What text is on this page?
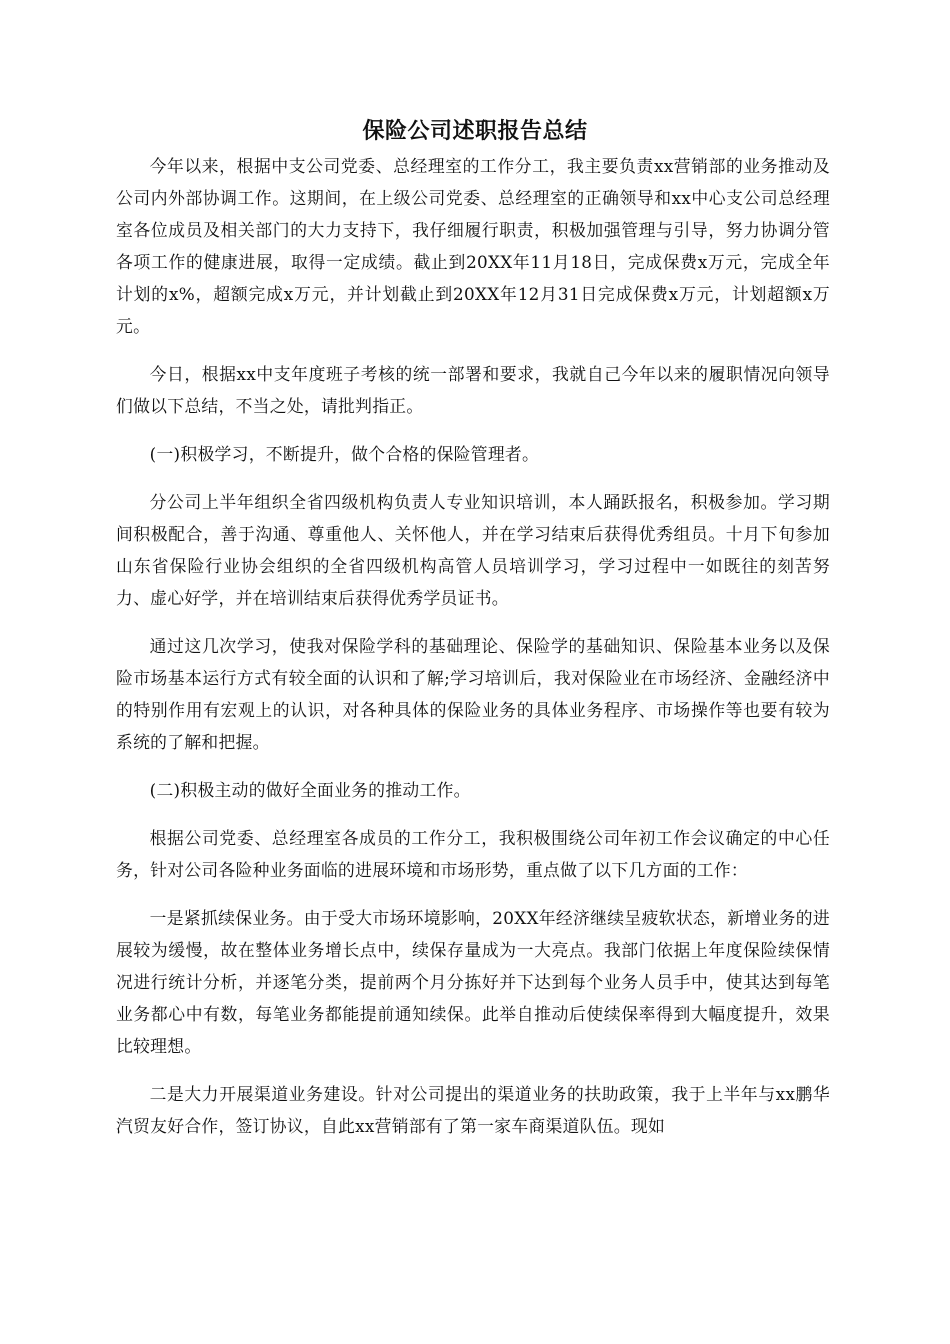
保险公司述职报告总结

今年以来，根据中支公司党委、总经理室的工作分工，我主要负责xx营销部的业务推动及公司内外部协调工作。这期间，在上级公司党委、总经理室的正确领导和xx中心支公司总经理室各位成员及相关部门的大力支持下，我仔细履行职责，积极加强管理与引导，努力协调分管各项工作的健康进展，取得一定成绩。截止到20XX年11月18日，完成保费x万元，完成全年计划的x%，超额完成x万元，并计划截止到20XX年12月31日完成保费x万元，计划超额x万元。

今日，根据xx中支年度班子考核的统一部署和要求，我就自己今年以来的履职情况向领导们做以下总结，不当之处，请批判指正。

(一)积极学习，不断提升，做个合格的保险管理者。

分公司上半年组织全省四级机构负责人专业知识培训，本人踊跃报名，积极参加。学习期间积极配合，善于沟通、尊重他人、关怀他人，并在学习结束后获得优秀组员。十月下旬参加山东省保险行业协会组织的全省四级机构高管人员培训学习，学习过程中一如既往的刻苦努力、虚心好学，并在培训结束后获得优秀学员证书。

通过这几次学习，使我对保险学科的基础理论、保险学的基础知识、保险基本业务以及保险市场基本运行方式有较全面的认识和了解;学习培训后，我对保险业在市场经济、金融经济中的特别作用有宏观上的认识，对各种具体的保险业务的具体业务程序、市场操作等也要有较为系统的了解和把握。

(二)积极主动的做好全面业务的推动工作。

根据公司党委、总经理室各成员的工作分工，我积极围绕公司年初工作会议确定的中心任务，针对公司各险种业务面临的进展环境和市场形势，重点做了以下几方面的工作：

一是紧抓续保业务。由于受大市场环境影响，20XX年经济继续呈疲软状态，新增业务的进展较为缓慢，故在整体业务增长点中，续保存量成为一大亮点。我部门依据上年度保险续保情况进行统计分析，并逐笔分类，提前两个月分拣好并下达到每个业务人员手中，使其达到每笔业务都心中有数，每笔业务都能提前通知续保。此举自推动后使续保率得到大幅度提升，效果比较理想。

二是大力开展渠道业务建设。针对公司提出的渠道业务的扶助政策，我于上半年与xx鹏华汽贸友好合作，签订协议，自此xx营销部有了第一家车商渠道队伍。现如
